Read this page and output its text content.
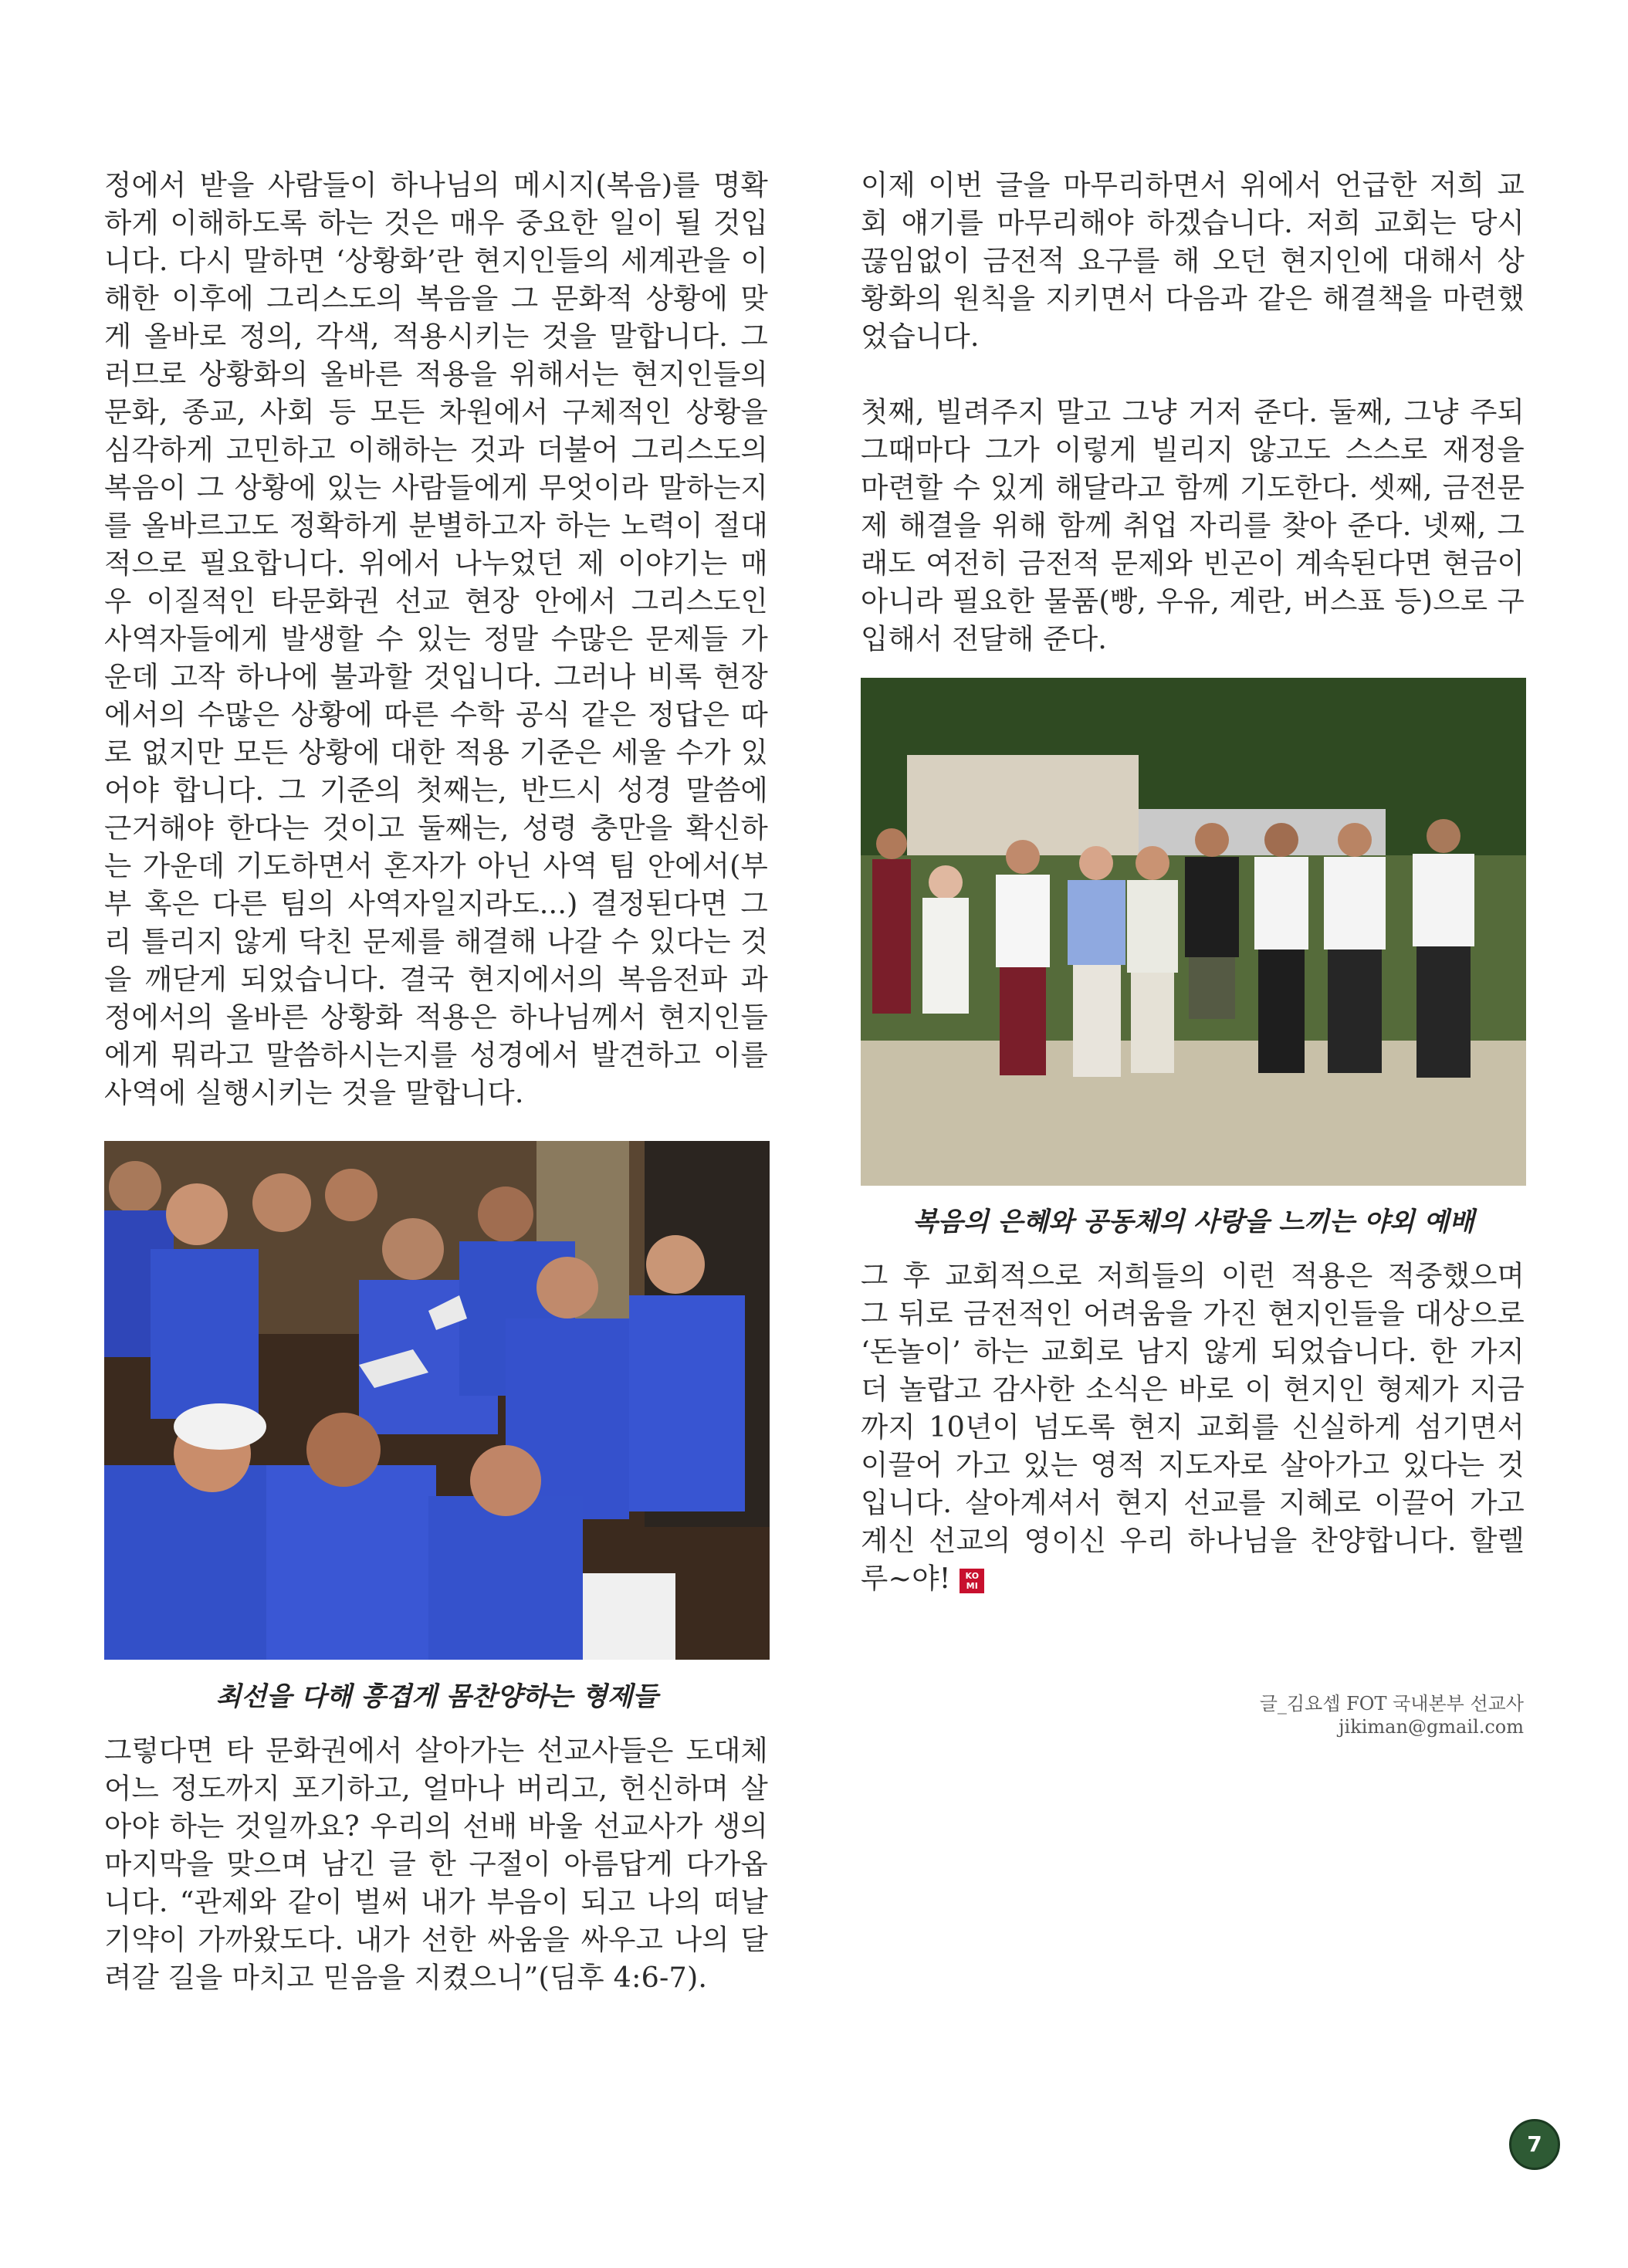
정에서 받을 사람들이 하나님의 메시지(복음)를 명확하게 이해하도록 하는 것은 매우 중요한 일이 될 것입니다. 다시 말하면 ‘상황화’란 현지인들의 세계관을 이해한 이후에 그리스도의 복음을 그 문화적 상황에 맞게 올바로 정의, 각색, 적용시키는 것을 말합니다. 그러므로 상황화의 올바른 적용을 위해서는 현지인들의 문화, 종교, 사회 등 모든 차원에서 구체적인 상황을 심각하게 고민하고 이해하는 것과 더불어 그리스도의 복음이 그 상황에 있는 사람들에게 무엇이라 말하는지를 올바르고도 정확하게 분별하고자 하는 노력이 절대적으로 필요합니다. 위에서 나누었던 제 이야기는 매우 이질적인 타문화권 선교 현장 안에서 그리스도인 사역자들에게 발생할 수 있는 정말 수많은 문제들 가운데 고작 하나에 불과할 것입니다. 그러나 비록 현장에서의 수많은 상황에 따른 수학 공식 같은 정답은 따로 없지만 모든 상황에 대한 적용 기준은 세울 수가 있어야 합니다. 그 기준의 첫째는, 반드시 성경 말씀에 근거해야 한다는 것이고 둘째는, 성령 충만을 확신하는 가운데 기도하면서 혼자가 아닌 사역 팀 안에서(부부 혹은 다른 팀의 사역자일지라도...) 결정된다면 그리 틀리지 않게 닥친 문제를 해결해 나갈 수 있다는 것을 깨닫게 되었습니다. 결국 현지에서의 복음전파 과정에서의 올바른 상황화 적용은 하나님께서 현지인들에게 뭐라고 말씀하시는지를 성경에서 발견하고 이를 사역에 실행시키는 것을 말합니다.

최선을 다해 흥겹게 몸찬양하는 형제들

그렇다면 타 문화권에서 살아가는 선교사들은 도대체 어느 정도까지 포기하고, 얼마나 버리고, 헌신하며 살아야 하는 것일까요? 우리의 선배 바울 선교사가 생의 마지막을 맞으며 남긴 글 한 구절이 아름답게 다가옵니다. “관제와 같이 벌써 내가 부음이 되고 나의 떠날 기약이 가까왔도다. 내가 선한 싸움을 싸우고 나의 달려갈 길을 마치고 믿음을 지켰으니”(딤후 4:6-7).

이제 이번 글을 마무리하면서 위에서 언급한 저희 교회 얘기를 마무리해야 하겠습니다. 저희 교회는 당시 끊임없이 금전적 요구를 해 오던 현지인에 대해서 상황화의 원칙을 지키면서 다음과 같은 해결책을 마련했었습니다.

첫째, 빌려주지 말고 그냥 거저 준다. 둘째, 그냥 주되 그때마다 그가 이렇게 빌리지 않고도 스스로 재정을 마련할 수 있게 해달라고 함께 기도한다. 셋째, 금전문제 해결을 위해 함께 취업 자리를 찾아 준다. 넷째, 그래도 여전히 금전적 문제와 빈곤이 계속된다면 현금이 아니라 필요한 물품(빵, 우유, 계란, 버스표 등)으로 구입해서 전달해 준다.

복음의 은혜와 공동체의 사랑을 느끼는 야외 예배

그 후 교회적으로 저희들의 이런 적용은 적중했으며 그 뒤로 금전적인 어려움을 가진 현지인들을 대상으로 ‘돈놀이’ 하는 교회로 남지 않게 되었습니다. 한 가지 더 놀랍고 감사한 소식은 바로 이 현지인 형제가 지금까지 10년이 넘도록 현지 교회를 신실하게 섬기면서 이끌어 가고 있는 영적 지도자로 살아가고 있다는 것입니다. 살아계셔서 현지 선교를 지혜로 이끌어 가고 계신 선교의 영이신 우리 하나님을 찬양합니다. 할렐루~야! KO
MI

글_김요셉 FOT 국내본부 선교사
jikiman@gmail.com
7
